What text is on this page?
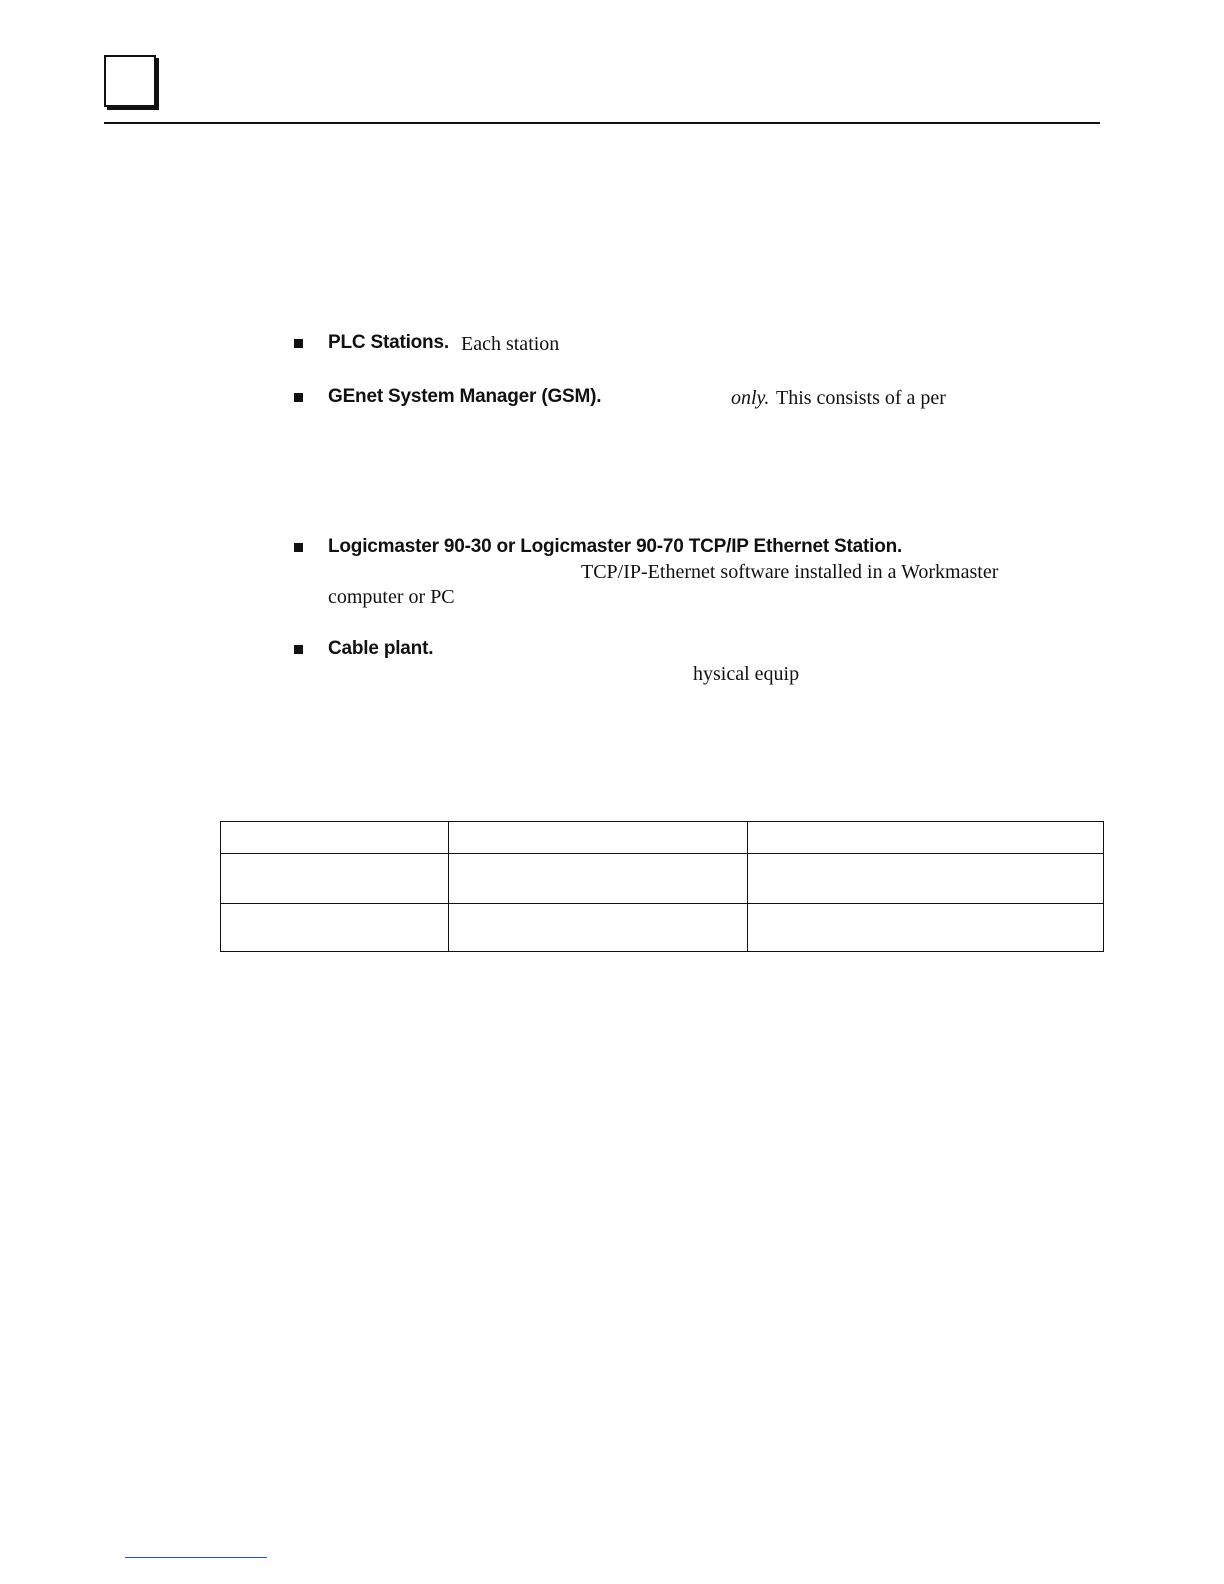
PLC Stations. Each station
GEnet System Manager (GSM).	only. This consists of a per
Logicmaster 90-30 or Logicmaster 90-70 TCP/IP Ethernet Station.
TCP/IP-Ethernet software installed in a Workmaster
computer or PC
Cable plant.
hysical equip
